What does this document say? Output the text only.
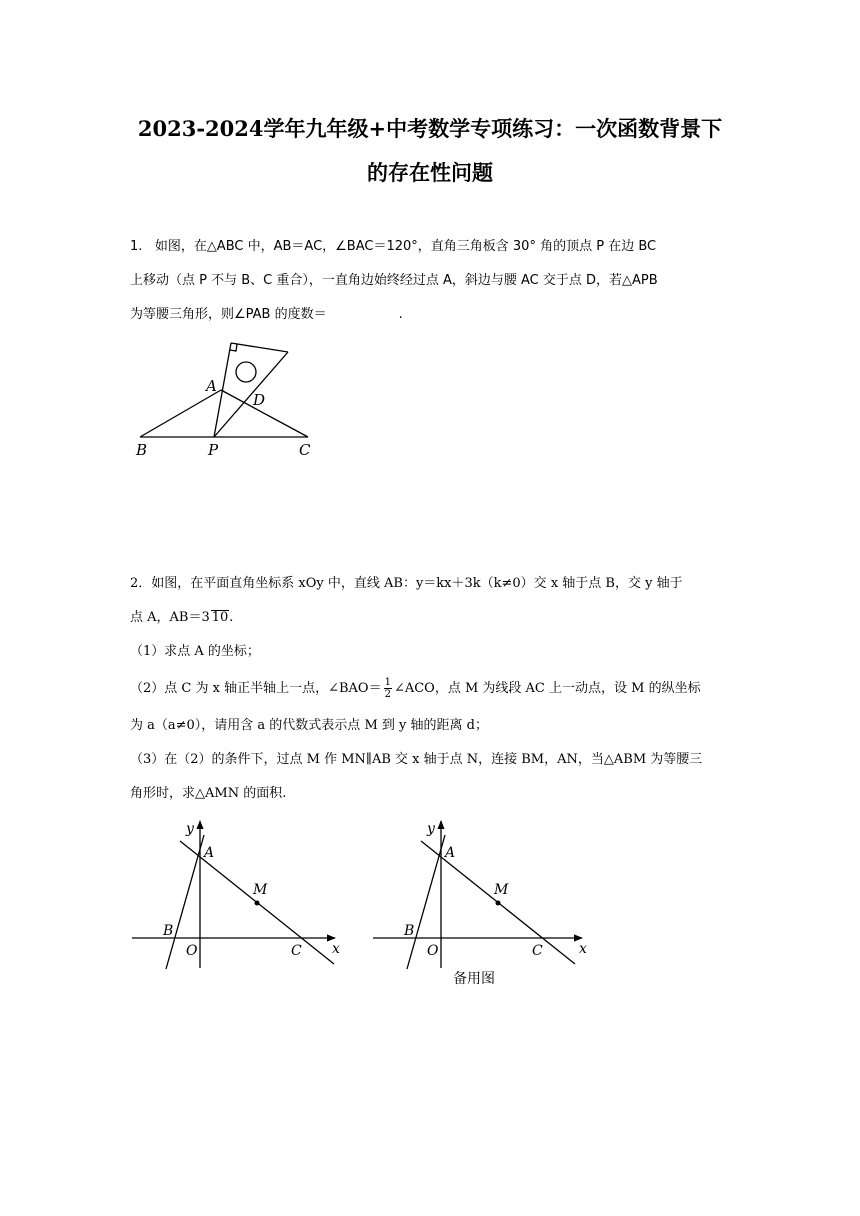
2023-2024学年九年级+中考数学专项练习：一次函数背景下
的存在性问题
1. 如图，在△ABC 中，AB＝AC，∠BAC＝120°，直角三角板含 30° 角的顶点 P 在边 BC
上移动（点 P 不与 B、C 重合），一直角边始终经过点 A，斜边与腰 AC 交于点 D，若△APB
为等腰三角形，则∠PAB 的度数＝	.
A
D
B	P	C
2．如图，在平面直角坐标系 xOy 中，直线 AB：y＝kx＋3k（k≠0）交 x 轴于点 B，交 y 轴于
点 A，AB＝3 10.
（1）求点 A 的坐标；
（2）点 C 为 x 轴正半轴上一点，∠BAO＝ $\frac{1}{2}$ ∠ACO，点 M 为线段 AC 上一动点，设 M 的纵坐标
为 a（a≠0），请用含 a 的代数式表示点 M 到 y 轴的距离 d；
（3）在（2）的条件下，过点 M 作 MN∥AB 交 x 轴于点 N，连接 BM，AN，当△ABM 为等腰三
角形时，求△AMN 的面积.
y
A
M
B
O	C x
y
A
M
B
O	C	x
备用图
